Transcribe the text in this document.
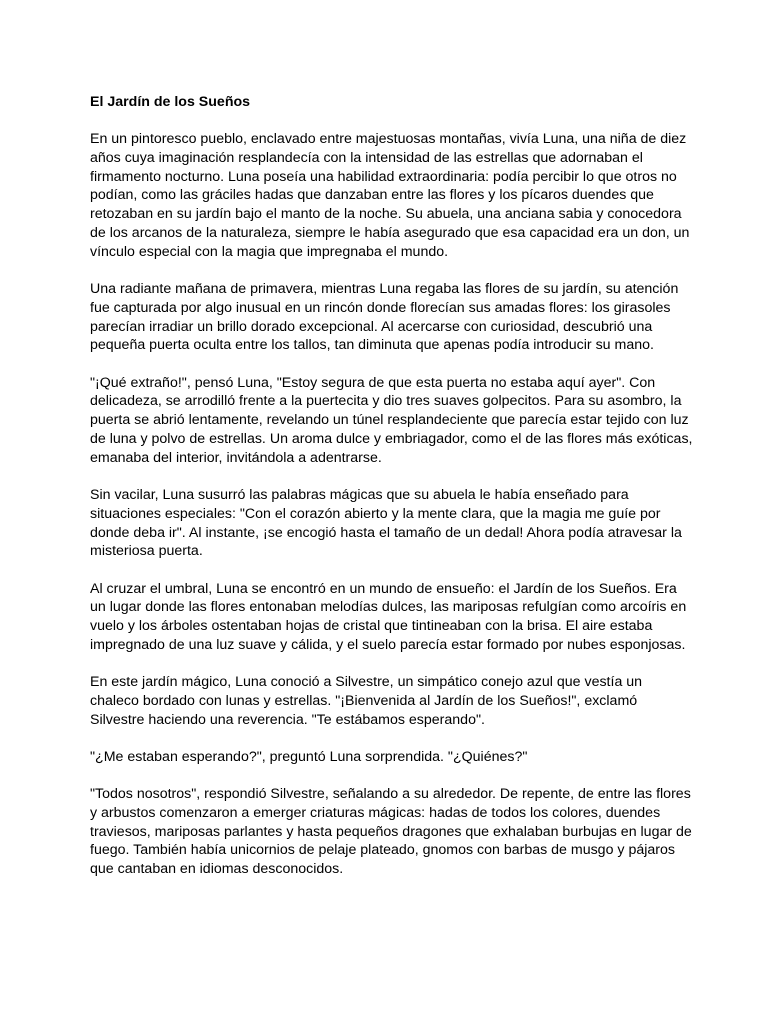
El Jardín de los Sueños

En un pintoresco pueblo, enclavado entre majestuosas montañas, vivía Luna, una niña de diez
años cuya imaginación resplandecía con la intensidad de las estrellas que adornaban el
firmamento nocturno. Luna poseía una habilidad extraordinaria: podía percibir lo que otros no
podían, como las gráciles hadas que danzaban entre las flores y los pícaros duendes que
retozaban en su jardín bajo el manto de la noche. Su abuela, una anciana sabia y conocedora
de los arcanos de la naturaleza, siempre le había asegurado que esa capacidad era un don, un
vínculo especial con la magia que impregnaba el mundo.

Una radiante mañana de primavera, mientras Luna regaba las flores de su jardín, su atención
fue capturada por algo inusual en un rincón donde florecían sus amadas flores: los girasoles
parecían irradiar un brillo dorado excepcional. Al acercarse con curiosidad, descubrió una
pequeña puerta oculta entre los tallos, tan diminuta que apenas podía introducir su mano.

"¡Qué extraño!", pensó Luna, "Estoy segura de que esta puerta no estaba aquí ayer". Con
delicadeza, se arrodilló frente a la puertecita y dio tres suaves golpecitos. Para su asombro, la
puerta se abrió lentamente, revelando un túnel resplandeciente que parecía estar tejido con luz
de luna y polvo de estrellas. Un aroma dulce y embriagador, como el de las flores más exóticas,
emanaba del interior, invitándola a adentrarse.

Sin vacilar, Luna susurró las palabras mágicas que su abuela le había enseñado para
situaciones especiales: "Con el corazón abierto y la mente clara, que la magia me guíe por
donde deba ir". Al instante, ¡se encogió hasta el tamaño de un dedal! Ahora podía atravesar la
misteriosa puerta.

Al cruzar el umbral, Luna se encontró en un mundo de ensueño: el Jardín de los Sueños. Era
un lugar donde las flores entonaban melodías dulces, las mariposas refulgían como arcoíris en
vuelo y los árboles ostentaban hojas de cristal que tintineaban con la brisa. El aire estaba
impregnado de una luz suave y cálida, y el suelo parecía estar formado por nubes esponjosas.

En este jardín mágico, Luna conoció a Silvestre, un simpático conejo azul que vestía un
chaleco bordado con lunas y estrellas. "¡Bienvenida al Jardín de los Sueños!", exclamó
Silvestre haciendo una reverencia. "Te estábamos esperando".

"¿Me estaban esperando?", preguntó Luna sorprendida. "¿Quiénes?"

"Todos nosotros", respondió Silvestre, señalando a su alrededor. De repente, de entre las flores
y arbustos comenzaron a emerger criaturas mágicas: hadas de todos los colores, duendes
traviesos, mariposas parlantes y hasta pequeños dragones que exhalaban burbujas en lugar de
fuego. También había unicornios de pelaje plateado, gnomos con barbas de musgo y pájaros
que cantaban en idiomas desconocidos.
